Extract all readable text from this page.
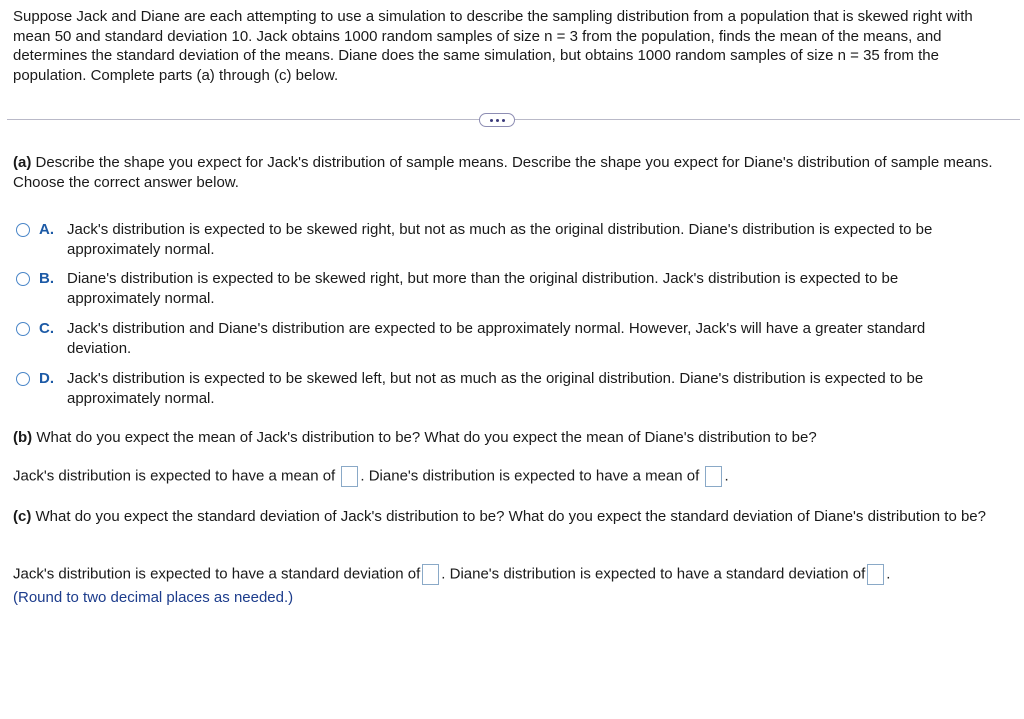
Suppose Jack and Diane are each attempting to use a simulation to describe the sampling distribution from a population that is skewed right with mean 50 and standard deviation 10. Jack obtains 1000 random samples of size n = 3 from the population, finds the mean of the means, and determines the standard deviation of the means. Diane does the same simulation, but obtains 1000 random samples of size n = 35 from the population. Complete parts (a) through (c) below.
(a) Describe the shape you expect for Jack's distribution of sample means. Describe the shape you expect for Diane's distribution of sample means. Choose the correct answer below.
A. Jack's distribution is expected to be skewed right, but not as much as the original distribution. Diane's distribution is expected to be approximately normal.
B. Diane's distribution is expected to be skewed right, but more than the original distribution. Jack's distribution is expected to be approximately normal.
C. Jack's distribution and Diane's distribution are expected to be approximately normal. However, Jack's will have a greater standard deviation.
D. Jack's distribution is expected to be skewed left, but not as much as the original distribution. Diane's distribution is expected to be approximately normal.
(b) What do you expect the mean of Jack's distribution to be? What do you expect the mean of Diane's distribution to be?
Jack's distribution is expected to have a mean of . Diane's distribution is expected to have a mean of .
(c) What do you expect the standard deviation of Jack's distribution to be? What do you expect the standard deviation of Diane's distribution to be?
Jack's distribution is expected to have a standard deviation of . Diane's distribution is expected to have a standard deviation of .
(Round to two decimal places as needed.)
